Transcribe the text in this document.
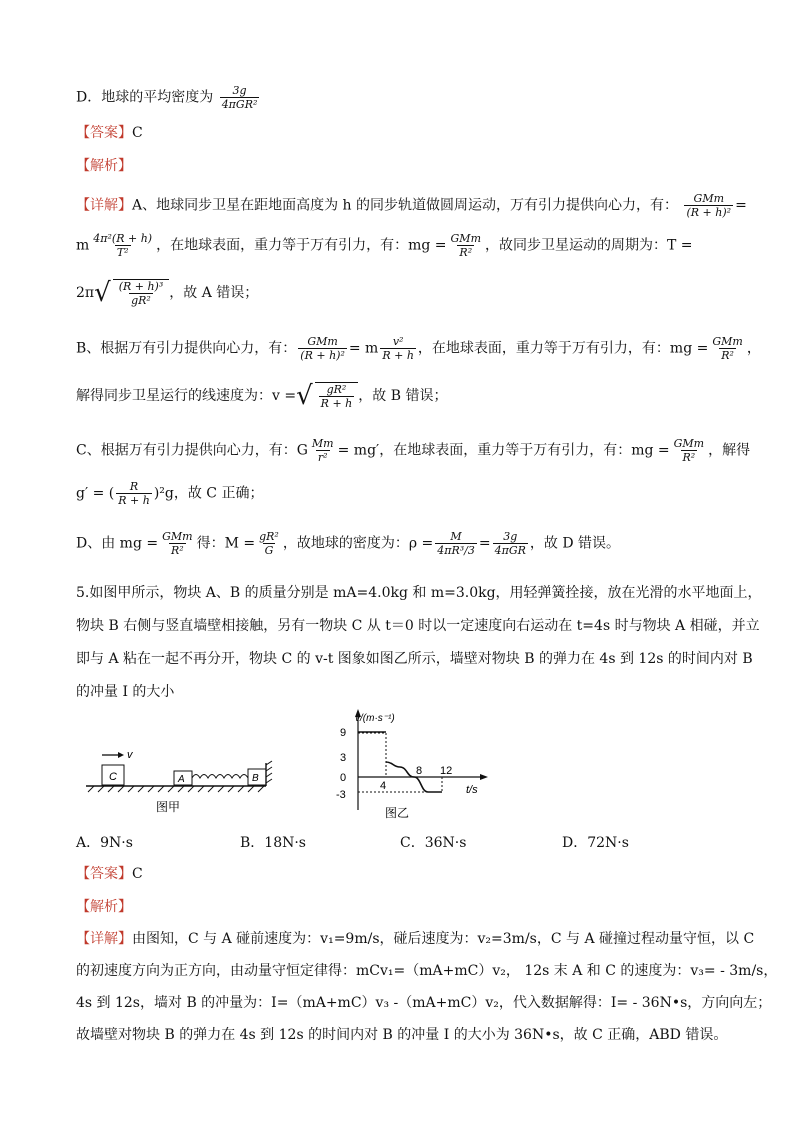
D．地球的平均密度为 $\frac{3g}{\text{4πGR²}}$
【答案】C
【解析】
【详解】A、地球同步卫星在距地面高度为 h 的同步轨道做圆周运动，万有引力提供向心力，有： $\frac{\text{GMm}}{\text{(R + h)²}}$ =
m $\frac{\text{4π²(R + h)}}{\text{T²}}$ ，在地球表面，重力等于万有引力，有：mg = $\frac{\text{GMm}}{\text{R²}}$ ，故同步卫星运动的周期为：T =
$2\pi√ \frac{\text{(R + h)³}}{\text{gR²}}$ ，故 A 错误；
B、根据万有引力提供向心力，有： $\frac{\text{GMm}}{\text{(R + h)²}} = m \frac{\text{v²}}{R + h}$ ，在地球表面，重力等于万有引力，有：mg = $\frac{\text{GMm}}{\text{R²}}$ ，
解得同步卫星运行的线速度为：v =√ $\frac{\text{gR²}}{R + h}$ ，故 B 错误；
C、根据万有引力提供向心力，有：G $\frac{Mm}{\text{r²}} = mg'$，在地球表面，重力等于万有引力，有：mg = $\frac{\text{GMm}}{\text{R²}}$ ，解得
g′ = ( $\frac{R}{R + h} )^2g$，故 C 正确；
D、由 mg = $\frac{\text{GMm}}{\text{R²}}$ 得：$M = \frac{\text{gR²}}{G}$ ，故地球的密度为：$\rho = \frac{M}{\text{4πR³/3}} = \frac{3g}{\text{4πGR}}$ ，故 D 错误。
5.如图甲所示，物块 A、B 的质量分别是 mA=4.0kg 和 m=3.0kg，用轻弹簧拴接，放在光滑的水平地面上，
物块 B 右侧与竖直墙壁相接触，另有一物块 C 从 t＝0 时以一定速度向右运动在 t=4s 时与物块 A 相碰，并立
即与 A 粘在一起不再分开，物块 C 的 v-t 图象如图乙所示，墙壁对物块 B 的弹力在 4s 到 12s 的时间内对 B
的冲量 I 的大小
v
C	A	B
图甲
v/(m·s⁻¹)
t/s
9
3
0
-3
4
8 12
图乙
A．9N·s	B．18N·s	C．36N·s	D．72N·s
【答案】C
【解析】
【详解】由图知，C 与 A 碰前速度为：v₁=9m/s，碰后速度为：v₂=3m/s，C 与 A 碰撞过程动量守恒，以 C
的初速度方向为正方向，由动量守恒定律得：mCv₁=（mA+mC）v₂， 12s 末 A 和 C 的速度为：v₃= - 3m/s，
4s 到 12s，墙对 B 的冲量为：I=（mA+mC）v₃ -（mA+mC）v₂，代入数据解得：I= - 36N•s，方向向左；
故墙壁对物块 B 的弹力在 4s 到 12s 的时间内对 B 的冲量 I 的大小为 36N•s，故 C 正确，ABD 错误。
